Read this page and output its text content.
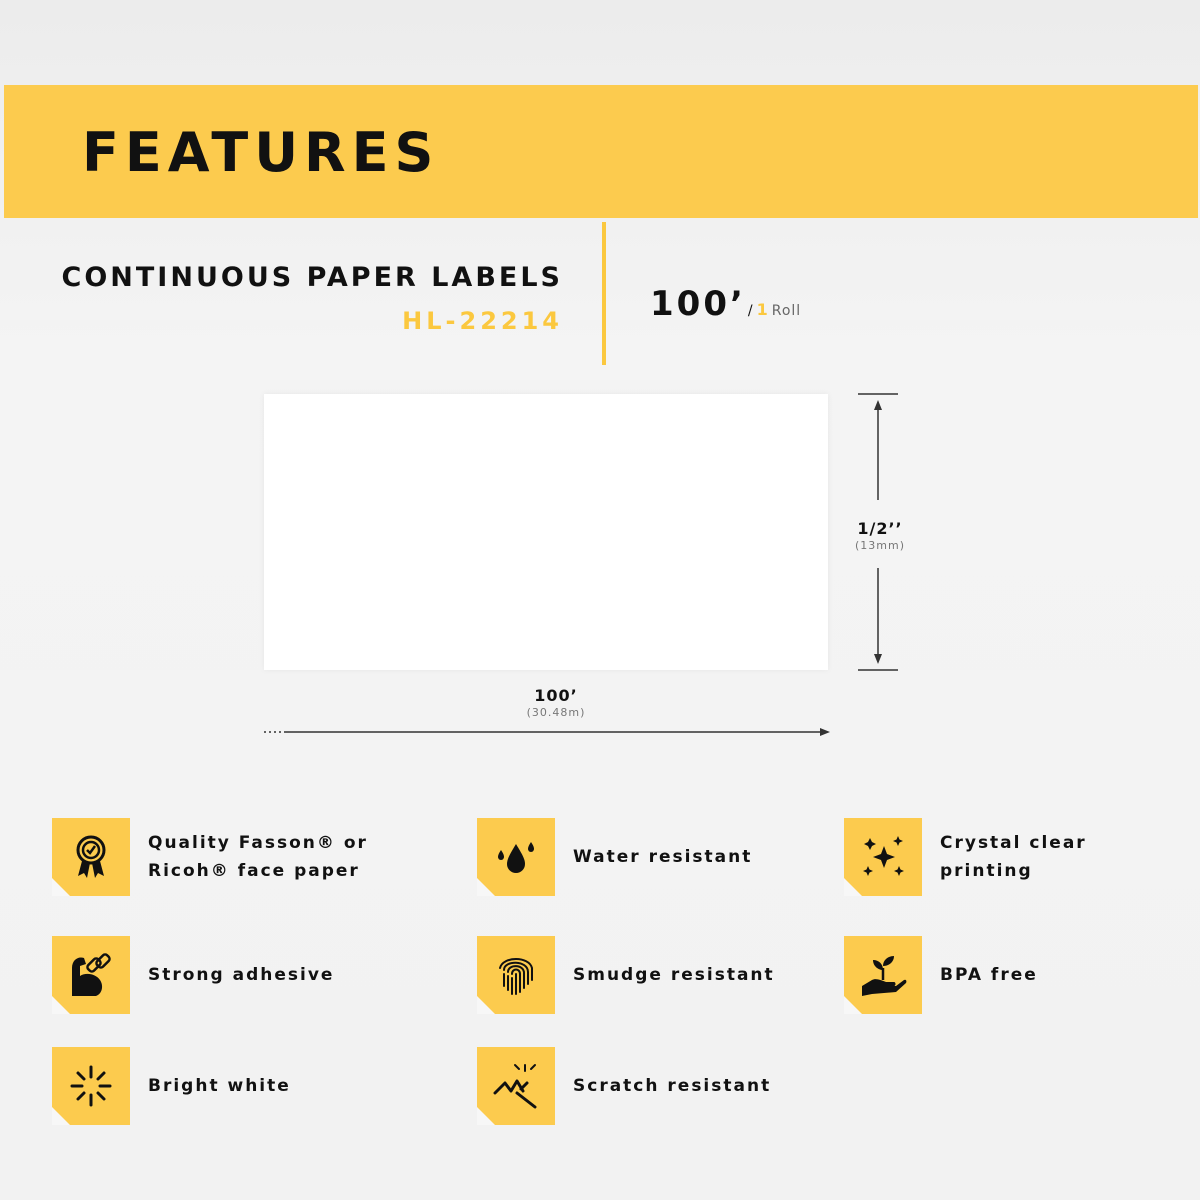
FEATURES
CONTINUOUS PAPER LABELS
HL-22214	100’ / 1 Roll
100’
(30.48m)
1/2’’
(13mm)
Quality Fasson® or Ricoh® face paper
Water resistant
Crystal clear printing
Strong adhesive	Smudge resistant	BPA free
Bright white	Scratch resistant
